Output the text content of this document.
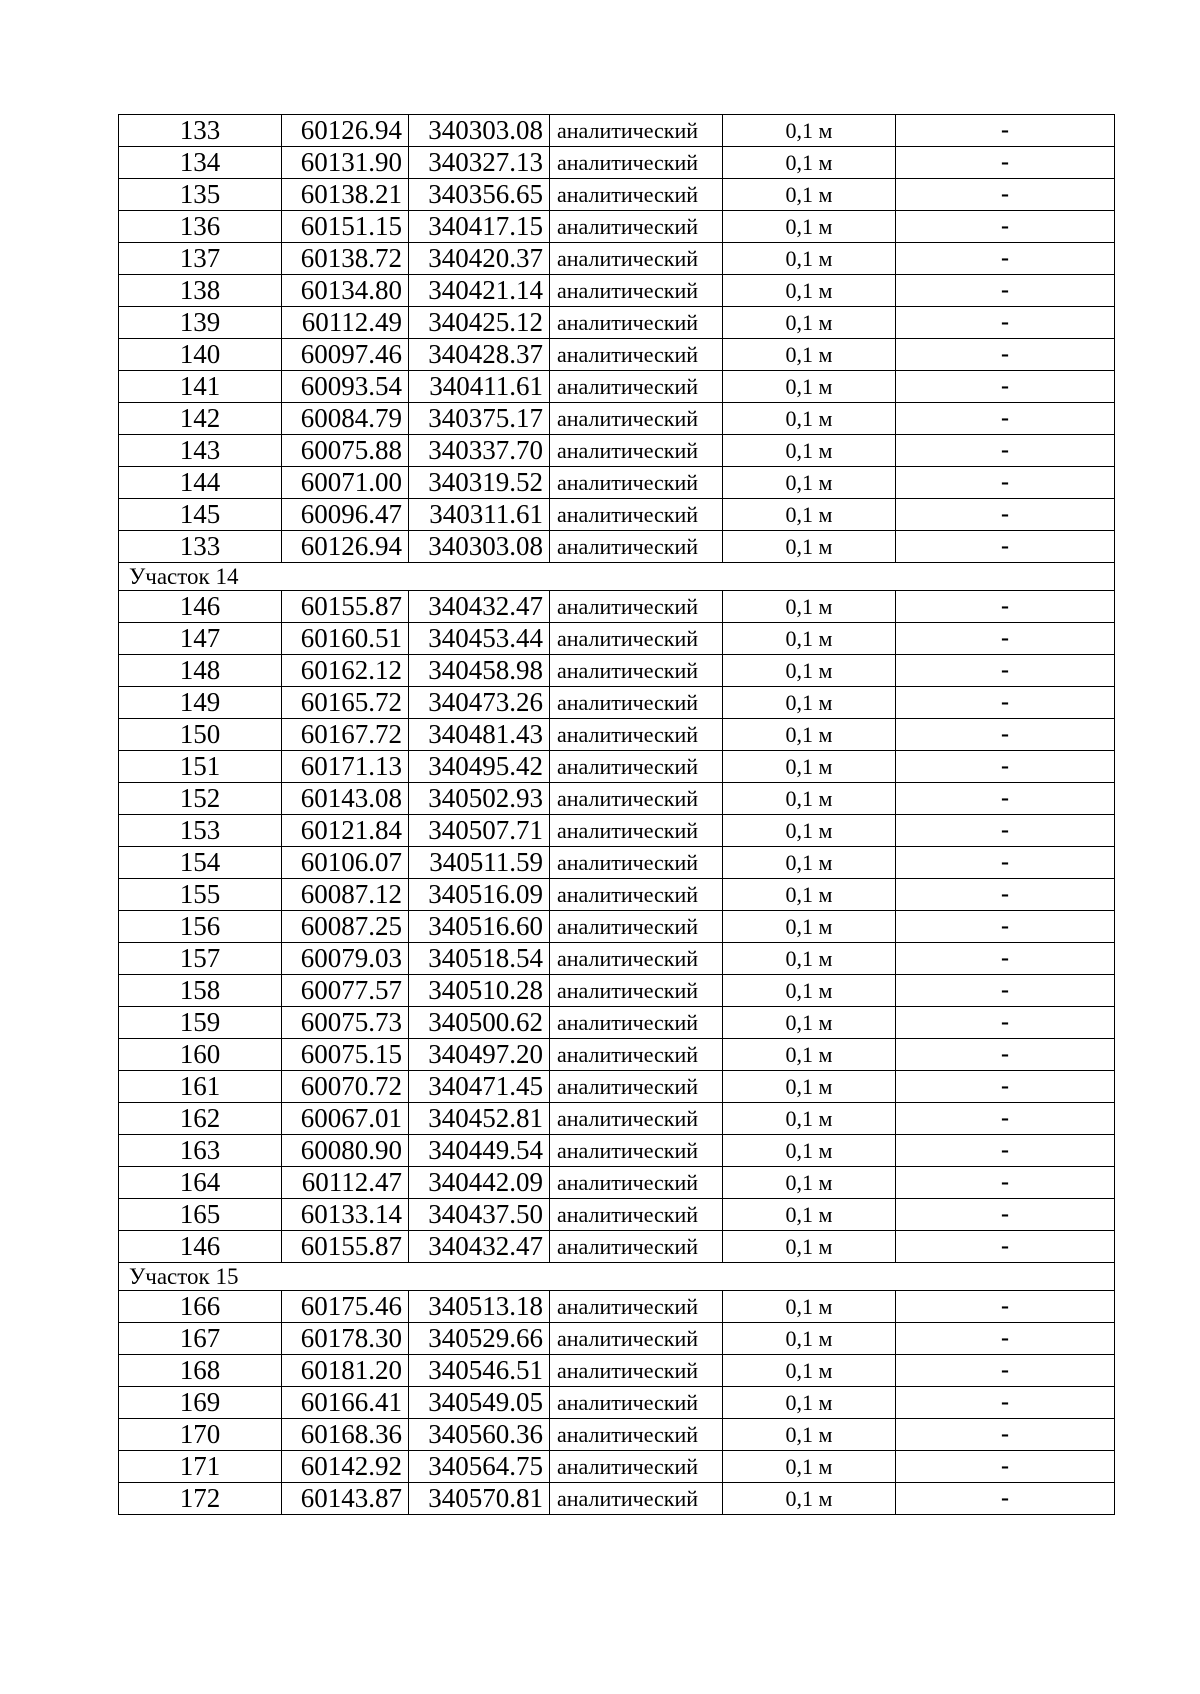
133	60126.94	340303.08	аналитический	0,1 м	-
134	60131.90	340327.13	аналитический	0,1 м	-
135	60138.21	340356.65	аналитический	0,1 м	-
136	60151.15	340417.15	аналитический	0,1 м	-
137	60138.72	340420.37	аналитический	0,1 м	-
138	60134.80	340421.14	аналитический	0,1 м	-
139	60112.49	340425.12	аналитический	0,1 м	-
140	60097.46	340428.37	аналитический	0,1 м	-
141	60093.54	340411.61	аналитический	0,1 м	-
142	60084.79	340375.17	аналитический	0,1 м	-
143	60075.88	340337.70	аналитический	0,1 м	-
144	60071.00	340319.52	аналитический	0,1 м	-
145	60096.47	340311.61	аналитический	0,1 м	-
133	60126.94	340303.08	аналитический	0,1 м	-
Участок 14					
146	60155.87	340432.47	аналитический	0,1 м	-
147	60160.51	340453.44	аналитический	0,1 м	-
148	60162.12	340458.98	аналитический	0,1 м	-
149	60165.72	340473.26	аналитический	0,1 м	-
150	60167.72	340481.43	аналитический	0,1 м	-
151	60171.13	340495.42	аналитический	0,1 м	-
152	60143.08	340502.93	аналитический	0,1 м	-
153	60121.84	340507.71	аналитический	0,1 м	-
154	60106.07	340511.59	аналитический	0,1 м	-
155	60087.12	340516.09	аналитический	0,1 м	-
156	60087.25	340516.60	аналитический	0,1 м	-
157	60079.03	340518.54	аналитический	0,1 м	-
158	60077.57	340510.28	аналитический	0,1 м	-
159	60075.73	340500.62	аналитический	0,1 м	-
160	60075.15	340497.20	аналитический	0,1 м	-
161	60070.72	340471.45	аналитический	0,1 м	-
162	60067.01	340452.81	аналитический	0,1 м	-
163	60080.90	340449.54	аналитический	0,1 м	-
164	60112.47	340442.09	аналитический	0,1 м	-
165	60133.14	340437.50	аналитический	0,1 м	-
146	60155.87	340432.47	аналитический	0,1 м	-
Участок 15					
166	60175.46	340513.18	аналитический	0,1 м	-
167	60178.30	340529.66	аналитический	0,1 м	-
168	60181.20	340546.51	аналитический	0,1 м	-
169	60166.41	340549.05	аналитический	0,1 м	-
170	60168.36	340560.36	аналитический	0,1 м	-
171	60142.92	340564.75	аналитический	0,1 м	-
172	60143.87	340570.81	аналитический	0,1 м	-
